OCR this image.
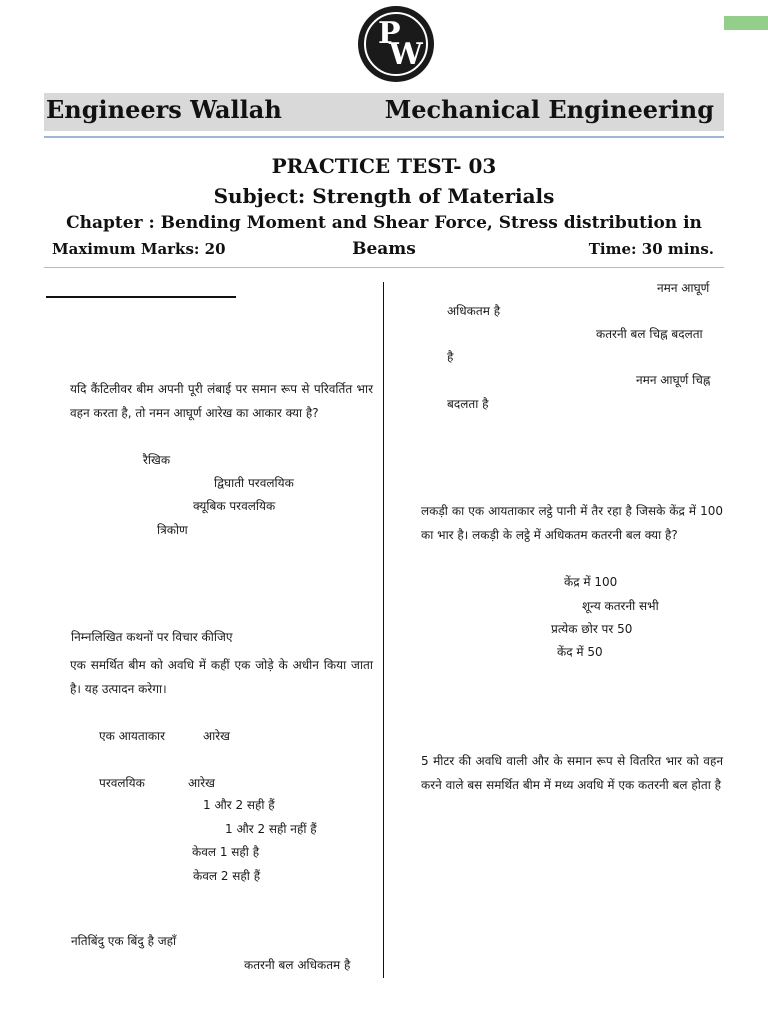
P
W
Engineers Wallah	Mechanical Engineering
PRACTICE TEST- 03
Subject: Strength of Materials
Chapter : Bending Moment and Shear Force, Stress distribution in
Maximum Marks: 20	Beams	Time: 30 mins.
यदि कैंटिलीवर बीम अपनी पूरी लंबाई पर समान रूप से परिवर्तित भार वहन करता है, तो नमन आघूर्ण आरेख का आकार क्या है?
रैखिक
द्विघाती परवलयिक
क्यूबिक परवलयिक
त्रिकोण
निम्नलिखित कथनों पर विचार कीजिए
एक समर्थित बीम को अवधि में कहीं एक जोड़े के अधीन किया जाता है। यह उत्पादन करेगा।
एक आयताकार	आरेख
परवलयिक	आरेख
1 और 2 सही हैं
1 और 2 सही नहीं हैं
केवल 1 सही है
केवल 2 सही हैं
नतिबिंदु एक बिंदु है जहाँ
कतरनी बल अधिकतम है
नमन आघूर्ण
अधिकतम है
कतरनी बल चिह्न बदलता
है
नमन आघूर्ण चिह्न
बदलता है
लकड़ी का एक आयताकार लट्ठे पानी में तैर रहा है जिसके केंद्र में 100 का भार है। लकड़ी के लट्ठे में अधिकतम कतरनी बल क्या है?
केंद्र में 100
शून्य कतरनी सभी
प्रत्येक छोर पर 50
केंद में 50
5 मीटर की अवधि वाली और के समान रूप से वितरित भार को वहन करने वाले बस समर्थित बीम में मध्य अवधि में एक कतरनी बल होता है
